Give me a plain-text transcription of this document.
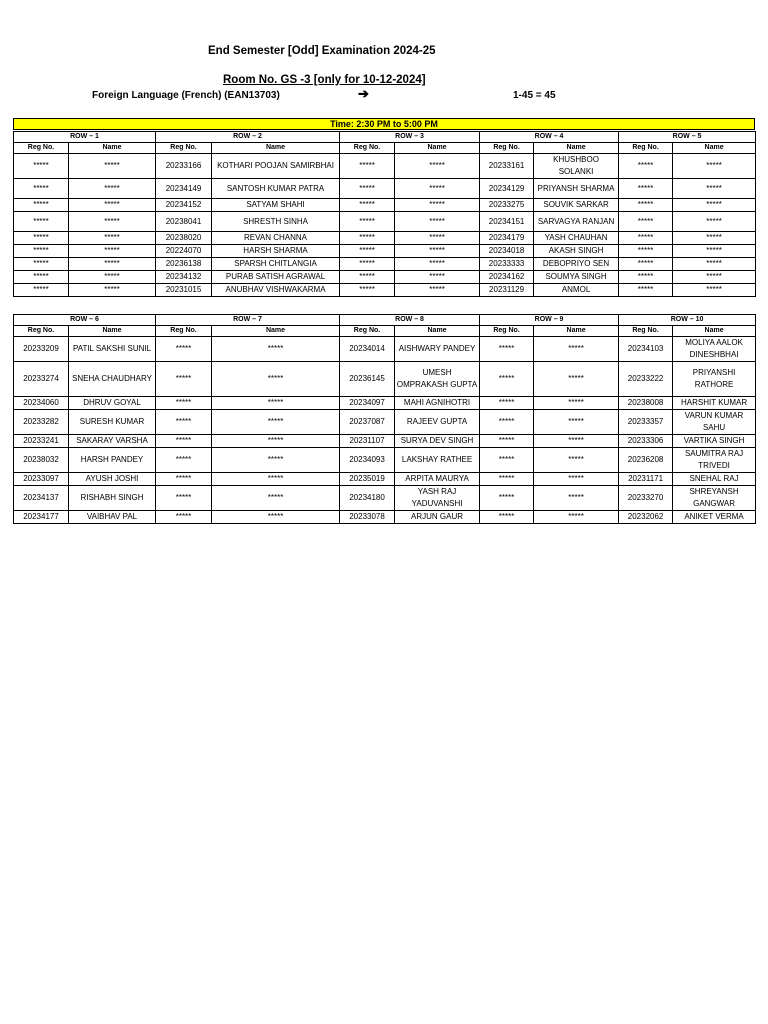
End Semester [Odd] Examination 2024-25
Room No. GS -3 [only for 10-12-2024]
Foreign Language (French) (EAN13703)	➔	1-45 = 45
Time: 2:30 PM to 5:00 PM
ROW – 1		ROW – 2		ROW – 3		ROW – 4		ROW – 5	
Reg No.	Name	Reg No.	Name	Reg No.	Name	Reg No.	Name	Reg No.	Name
*****	*****	20233166	KOTHARI POOJAN SAMIRBHAI	*****	*****	20233161	KHUSHBOO SOLANKI	*****	*****
*****	*****	20234149	SANTOSH KUMAR PATRA	*****	*****	20234129	PRIYANSH SHARMA	*****	*****
*****	*****	20234152	SATYAM SHAHI	*****	*****	20233275	SOUVIK SARKAR	*****	*****
*****	*****	20238041	SHRESTH SINHA	*****	*****	20234151	SARVAGYA RANJAN	*****	*****
*****	*****	20238020	REVAN CHANNA	*****	*****	20234179	YASH CHAUHAN	*****	*****
*****	*****	20224070	HARSH SHARMA	*****	*****	20234018	AKASH SINGH	*****	*****
*****	*****	20236138	SPARSH CHITLANGIA	*****	*****	20233333	DEBOPRIYO SEN	*****	*****
*****	*****	20234132	PURAB SATISH AGRAWAL	*****	*****	20234162	SOUMYA SINGH	*****	*****
*****	*****	20231015	ANUBHAV VISHWAKARMA	*****	*****	20231129	ANMOL	*****	*****
ROW – 6		ROW – 7		ROW – 8		ROW – 9		ROW – 10	
Reg No.	Name	Reg No.	Name	Reg No.	Name	Reg No.	Name	Reg No.	Name
20233209	PATIL SAKSHI SUNIL	*****	*****	20234014	AISHWARY PANDEY	*****	*****	20234103	MOLIYA AALOK DINESHBHAI
20233274	SNEHA CHAUDHARY	*****	*****	20236145	UMESH OMPRAKASH GUPTA	*****	*****	20233222	PRIYANSHI RATHORE
20234060	DHRUV GOYAL	*****	*****	20234097	MAHI AGNIHOTRI	*****	*****	20238008	HARSHIT KUMAR
20233282	SURESH KUMAR	*****	*****	20237087	RAJEEV GUPTA	*****	*****	20233357	VARUN KUMAR SAHU
20233241	SAKARAY VARSHA	*****	*****	20231107	SURYA DEV SINGH	*****	*****	20233306	VARTIKA SINGH
20238032	HARSH PANDEY	*****	*****	20234093	LAKSHAY RATHEE	*****	*****	20236208	SAUMITRA RAJ TRIVEDI
20233097	AYUSH JOSHI	*****	*****	20235019	ARPITA MAURYA	*****	*****	20231171	SNEHAL RAJ
20234137	RISHABH SINGH	*****	*****	20234180	YASH RAJ YADUVANSHI	*****	*****	20233270	SHREYANSH GANGWAR
20234177	VAIBHAV PAL	*****	*****	20233078	ARJUN GAUR	*****	*****	20232062	ANIKET VERMA
